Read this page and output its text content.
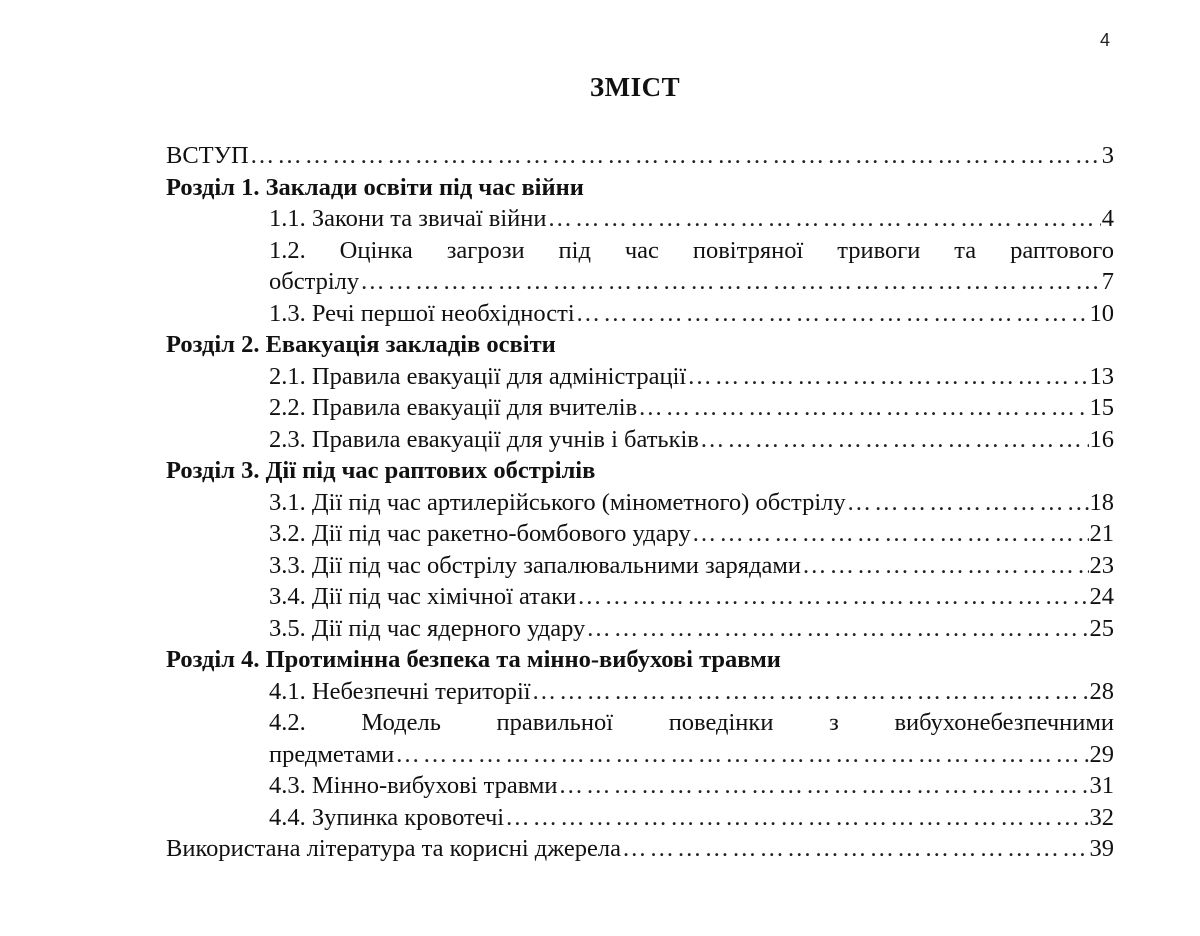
4
ЗМІСТ
ВСТУП ……………………………………………………………………………………………………………………………………………………………………	3
Розділ 1. Заклади освіти під час війни
1.1. Закони та звичаї війни ……………………………………………………………………………………………………………………………………………………………………	4
1.2. Оцінка загрози під час повітряної тривоги та раптового
обстрілу ……………………………………………………………………………………………………………………………………………………………………	7
1.3. Речі першої необхідності ……………………………………………………………………………………………………………………………………………………………………	10
Розділ 2. Евакуація закладів освіти
2.1. Правила евакуації для адміністрації ……………………………………………………………………………………………………………………………………………………………………	13
2.2. Правила евакуації для вчителів ……………………………………………………………………………………………………………………………………………………………………	15
2.3. Правила евакуації для учнів і батьків ……………………………………………………………………………………………………………………………………………………………………	16
Розділ 3. Дії під час раптових обстрілів
3.1. Дії під час артилерійського (мінометного) обстрілу ……………………………………………………………………………………………………………………………………………………………………	18
3.2. Дії під час ракетно-бомбового удару ……………………………………………………………………………………………………………………………………………………………………	21
3.3. Дії під час обстрілу запалювальними зарядами ……………………………………………………………………………………………………………………………………………………………………	23
3.4. Дії під час хімічної атаки ……………………………………………………………………………………………………………………………………………………………………	24
3.5. Дії під час ядерного удару ……………………………………………………………………………………………………………………………………………………………………	25
Розділ 4. Протимінна безпека та мінно-вибухові травми
4.1. Небезпечні території ……………………………………………………………………………………………………………………………………………………………………	28
4.2. Модель правильної поведінки з вибухонебезпечними
предметами ……………………………………………………………………………………………………………………………………………………………………	29
4.3. Мінно-вибухові травми ……………………………………………………………………………………………………………………………………………………………………	31
4.4. Зупинка кровотечі ……………………………………………………………………………………………………………………………………………………………………	32
Використана література та корисні джерела ……………………………………………………………………………………………………………………………………………………………………	39
